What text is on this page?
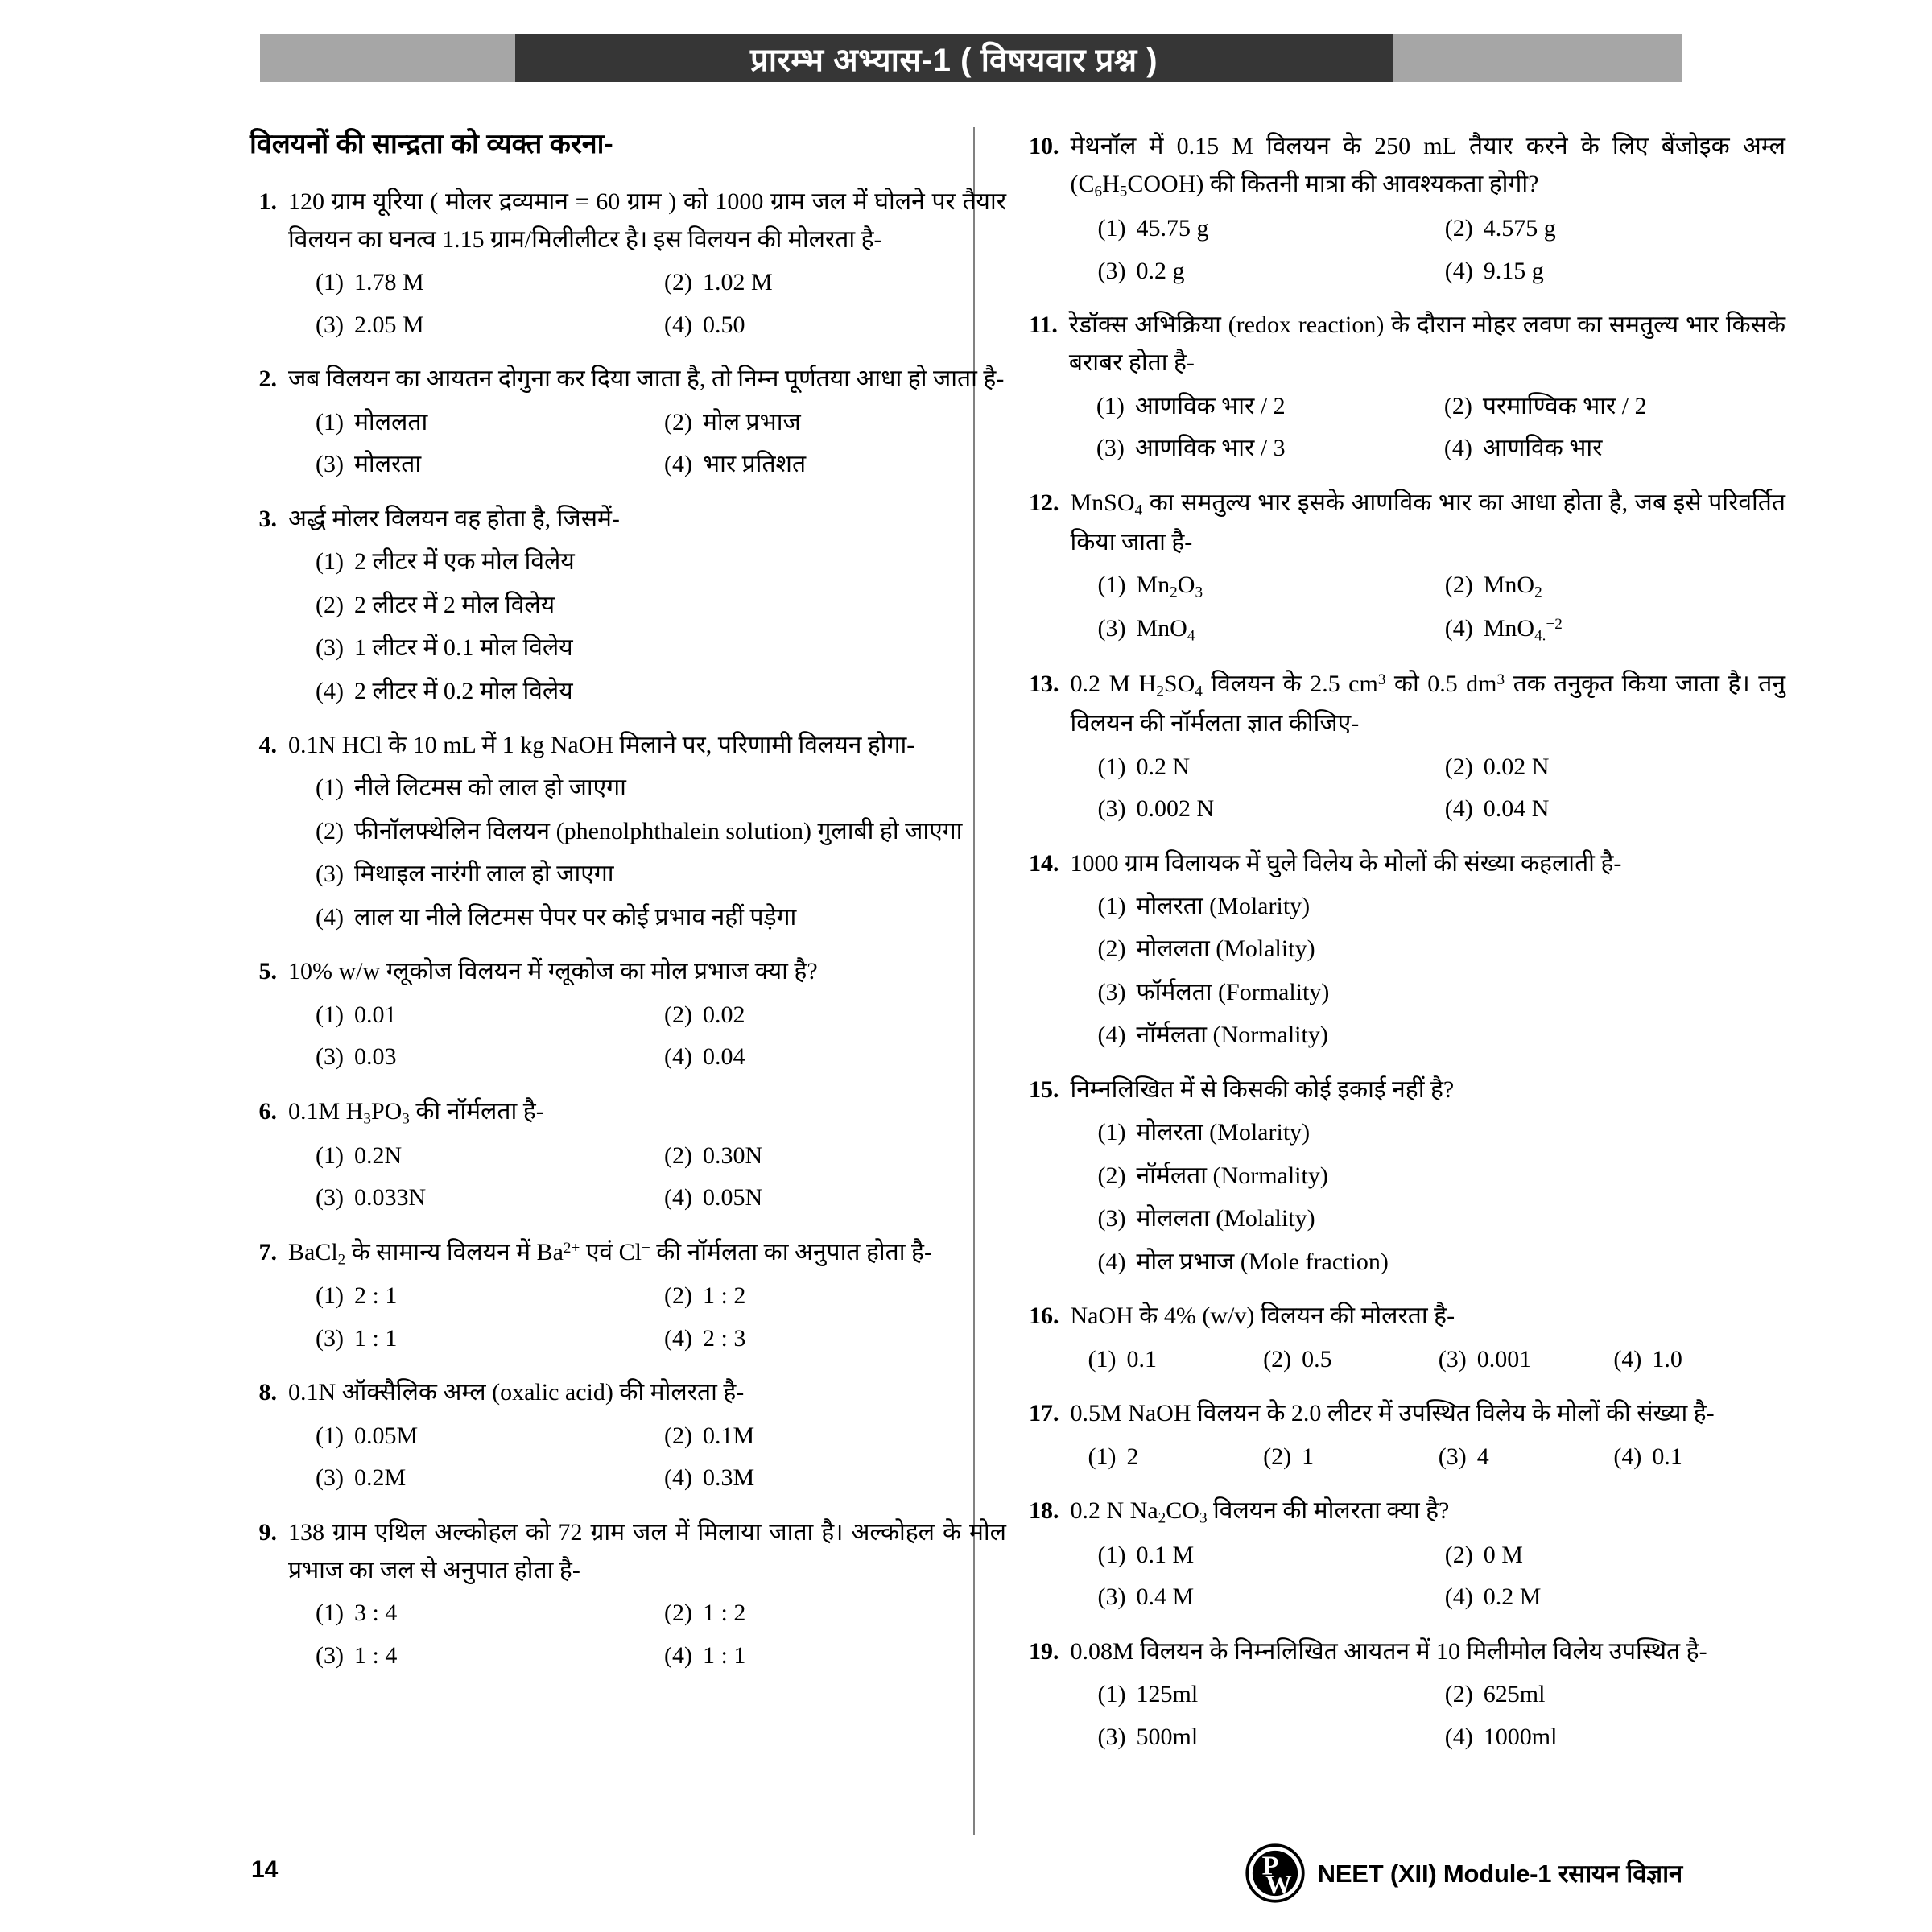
प्रारम्भ अभ्यास-1 ( विषयवार प्रश्न )
विलयनों की सान्द्रता को व्यक्त करना-
1. 120 ग्राम यूरिया ( मोलर द्रव्यमान = 60 ग्राम ) को 1000 ग्राम जल में घोलने पर तैयार विलयन का घनत्व 1.15 ग्राम/मिलीलीटर है। इस विलयन की मोलरता है-

(1) 1.78 M	(2) 1.02 M
(3) 2.05 M	(4) 0.50
2. जब विलयन का आयतन दोगुना कर दिया जाता है, तो निम्न पूर्णतया आधा हो जाता है-

(1) मोललता	(2) मोल प्रभाज
(3) मोलरता	(4) भार प्रतिशत
3. अर्द्ध मोलर विलयन वह होता है, जिसमें-

(1) 2 लीटर में एक मोल विलेय
(2) 2 लीटर में 2 मोल विलेय
(3) 1 लीटर में 0.1 मोल विलेय
(4) 2 लीटर में 0.2 मोल विलेय
4. 0.1N HCl के 10 mL में 1 kg NaOH मिलाने पर, परिणामी विलयन होगा-

(1) नीले लिटमस को लाल हो जाएगा
(2) फीनॉलफ्थेलिन विलयन (phenolphthalein solution) गुलाबी हो जाएगा
(3) मिथाइल नारंगी लाल हो जाएगा
(4) लाल या नीले लिटमस पेपर पर कोई प्रभाव नहीं पड़ेगा
5. 10% w/w ग्लूकोज विलयन में ग्लूकोज का मोल प्रभाज क्या है?

(1) 0.01	(2) 0.02
(3) 0.03	(4) 0.04
6. 0.1M $H_3PO_3$ की नॉर्मलता है-

(1) 0.2N	(2) 0.30N
(3) 0.033N	(4) 0.05N
7. BaCl$_2$ के सामान्य विलयन में $Ba^{2+}$ एवं Cl− की नॉर्मलता का अनुपात होता है-

(1) 2 : 1	(2) 1 : 2
(3) 1 : 1	(4) 2 : 3
8. 0.1N ऑक्सैलिक अम्ल (oxalic acid) की मोलरता है-

(1) 0.05M	(2) 0.1M
(3) 0.2M	(4) 0.3M
9. 138 ग्राम एथिल अल्कोहल को 72 ग्राम जल में मिलाया जाता है। अल्कोहल के मोल प्रभाज का जल से अनुपात होता है-

(1) 3 : 4	(2) 1 : 2
(3) 1 : 4	(4) 1 : 1
10. मेथनॉल में 0.15 M विलयन के 250 mL तैयार करने के लिए बेंजोइक अम्ल $(C_6H_5COOH)$ की कितनी मात्रा की आवश्यकता होगी?

(1) 45.75 g	(2) 4.575 g
(3) 0.2 g	(4) 9.15 g
11. रेडॉक्स अभिक्रिया (redox reaction) के दौरान मोहर लवण का समतुल्य भार किसके बराबर होता है-

(1) आणविक भार / 2	(2) परमाण्विक भार / 2
(3) आणविक भार / 3	(4) आणविक भार
12. MnSO$_4$ का समतुल्य भार इसके आणविक भार का आधा होता है, जब इसे परिवर्तित किया जाता है-

(1) $Mn_2O_3$	(2) MnO$_2$
(3) MnO$_4$	(4) MnO$_{4.}^{-2}$
13. 0.2 M $H_2SO_4$ विलयन के 2.5 $cm^3$ को 0.5 $dm^3$ तक तनुकृत किया जाता है। तनु विलयन की नॉर्मलता ज्ञात कीजिए-

(1) 0.2 N	(2) 0.02 N
(3) 0.002 N	(4) 0.04 N
14. 1000 ग्राम विलायक में घुले विलेय के मोलों की संख्या कहलाती है-

(1) मोलरता (Molarity)
(2) मोललता (Molality)
(3) फॉर्मलता (Formality)
(4) नॉर्मलता (Normality)
15. निम्नलिखित में से किसकी कोई इकाई नहीं है?

(1) मोलरता (Molarity)
(2) नॉर्मलता (Normality)
(3) मोललता (Molality)
(4) मोल प्रभाज (Mole fraction)
16. NaOH के 4% (w/v) विलयन की मोलरता है-

(1) 0.1	(2) 0.5	(3) 0.001	(4) 1.0
17. 0.5M NaOH विलयन के 2.0 लीटर में उपस्थित विलेय के मोलों की संख्या है-

(1) 2	(2) 1	(3) 4	(4) 0.1
18. 0.2 N $Na_2CO_3$ विलयन की मोलरता क्या है?

(1) 0.1 M	(2) 0 M
(3) 0.4 M	(4) 0.2 M
19. 0.08M विलयन के निम्नलिखित आयतन में 10 मिलीमोल विलेय उपस्थित है-

(1) 125ml	(2) 625ml
(3) 500ml	(4) 1000ml
14	P
W NEET (XII) Module-1 रसायन विज्ञान
